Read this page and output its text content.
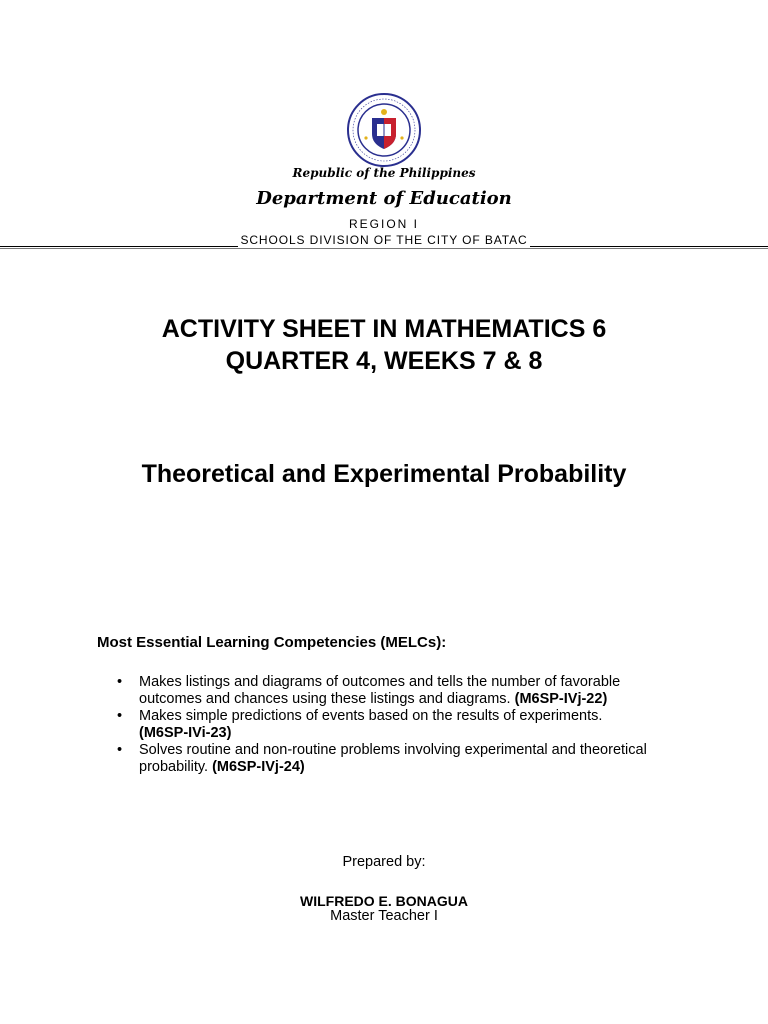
Republic of the Philippines
Department of Education
REGION I
SCHOOLS DIVISION OF THE CITY OF BATAC
ACTIVITY SHEET IN MATHEMATICS 6
QUARTER 4, WEEKS 7 & 8
Theoretical and Experimental Probability
Most Essential Learning Competencies (MELCs):
• Makes listings and diagrams of outcomes and tells the number of favorable outcomes and chances using these listings and diagrams. (M6SP-IVj-22)
• Makes simple predictions of events based on the results of experiments.
(M6SP-IVi-23)
• Solves routine and non-routine problems involving experimental and theoretical probability. (M6SP-IVj-24)
Prepared by:
WILFREDO E. BONAGUA
Master Teacher I
